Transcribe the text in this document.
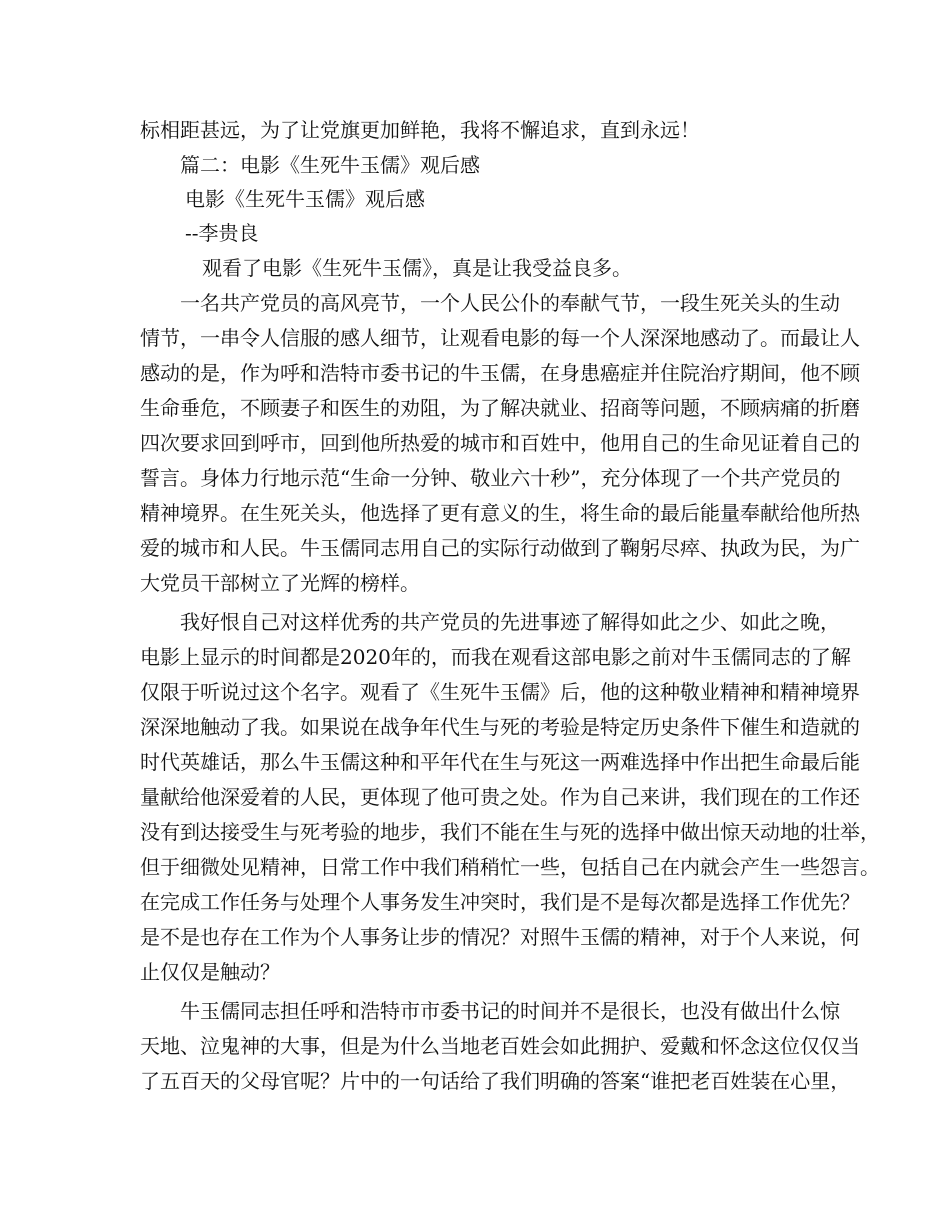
标相距甚远，为了让党旗更加鲜艳，我将不懈追求，直到永远！
篇二：电影《生死牛玉儒》观后感
电影《生死牛玉儒》观后感
--李贵良
观看了电影《生死牛玉儒》，真是让我受益良多。
一名共产党员的高风亮节，一个人民公仆的奉献气节，一段生死关头的生动
情节，一串令人信服的感人细节，让观看电影的每一个人深深地感动了。而最让人
感动的是，作为呼和浩特市委书记的牛玉儒，在身患癌症并住院治疗期间，他不顾
生命垂危，不顾妻子和医生的劝阻，为了解决就业、招商等问题，不顾病痛的折磨
四次要求回到呼市，回到他所热爱的城市和百姓中，他用自己的生命见证着自己的
誓言。身体力行地示范“生命一分钟、敬业六十秒”，充分体现了一个共产党员的
精神境界。在生死关头，他选择了更有意义的生，将生命的最后能量奉献给他所热
爱的城市和人民。牛玉儒同志用自己的实际行动做到了鞠躬尽瘁、执政为民，为广
大党员干部树立了光辉的榜样。
我好恨自己对这样优秀的共产党员的先进事迹了解得如此之少、如此之晚，
电影上显示的时间都是2020年的，而我在观看这部电影之前对牛玉儒同志的了解
仅限于听说过这个名字。观看了《生死牛玉儒》后，他的这种敬业精神和精神境界
深深地触动了我。如果说在战争年代生与死的考验是特定历史条件下催生和造就的
时代英雄话，那么牛玉儒这种和平年代在生与死这一两难选择中作出把生命最后能
量献给他深爱着的人民，更体现了他可贵之处。作为自己来讲，我们现在的工作还
没有到达接受生与死考验的地步，我们不能在生与死的选择中做出惊天动地的壮举，
但于细微处见精神，日常工作中我们稍稍忙一些，包括自己在内就会产生一些怨言。
在完成工作任务与处理个人事务发生冲突时，我们是不是每次都是选择工作优先？
是不是也存在工作为个人事务让步的情况？对照牛玉儒的精神，对于个人来说，何
止仅仅是触动？
牛玉儒同志担任呼和浩特市市委书记的时间并不是很长，也没有做出什么惊
天地、泣鬼神的大事，但是为什么当地老百姓会如此拥护、爱戴和怀念这位仅仅当
了五百天的父母官呢？片中的一句话给了我们明确的答案“谁把老百姓装在心里，
